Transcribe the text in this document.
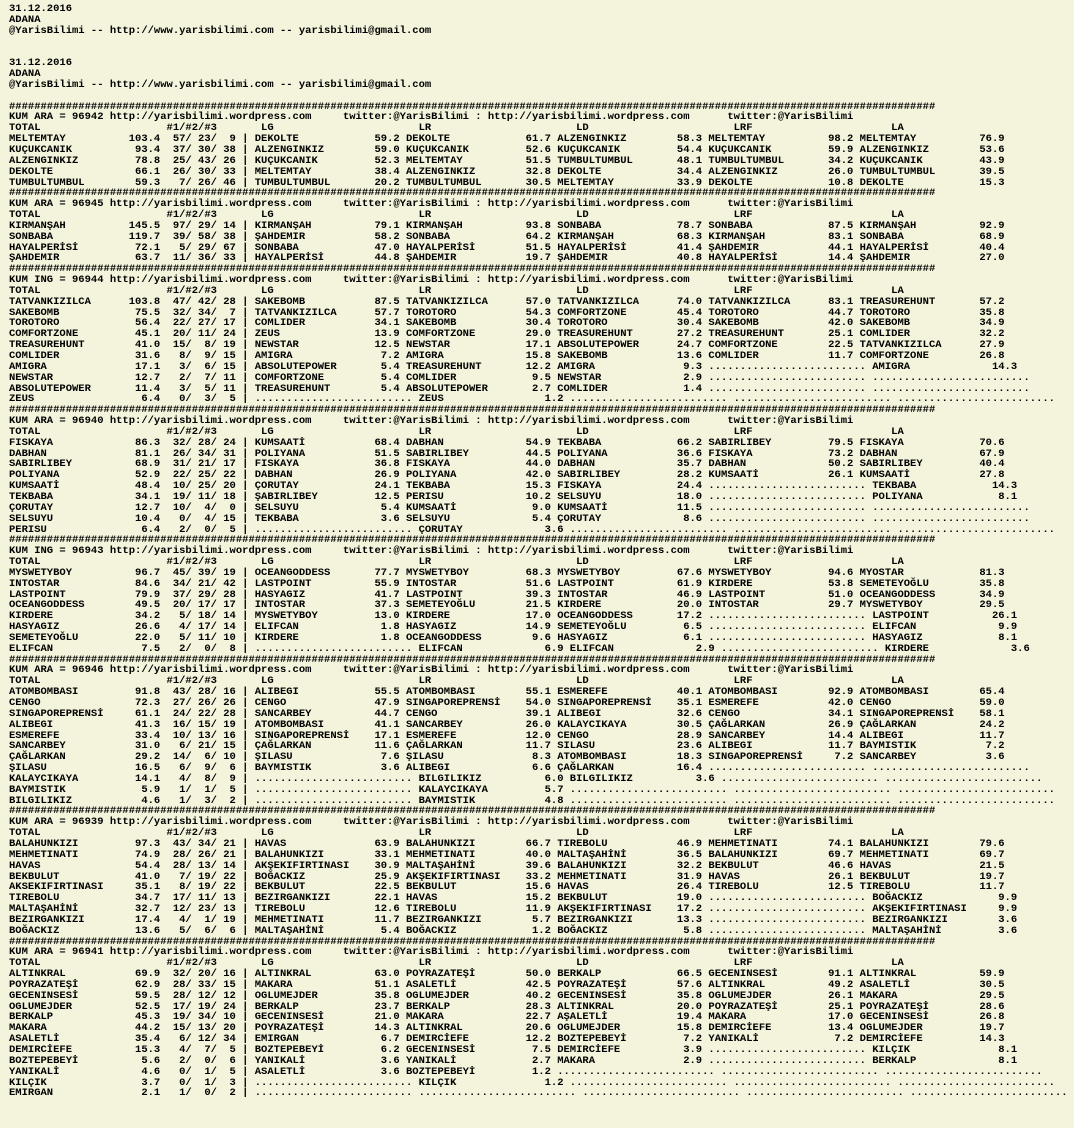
31.12.2016
ADANA
@YarisBilimi -- http://www.yarisbilimi.com -- yarisbilimi@gmail.com
31.12.2016
ADANA
@YarisBilimi -- http://www.yarisbilimi.com -- yarisbilimi@gmail.com
###################################################################################################################################################
KUM ARA = 96942 http://yarisbilimi.wordpress.com     twitter:@YarisBilimi : http://yarisbilimi.wordpress.com      twitter:@YarisBilimi
TOTAL                    #1/#2/#3       LG                       LR                       LD                       LRF                      LA
MELTEMTAY          103.4  57/ 23/  9 | DEKOLTE            59.2 DEKOLTE            61.7 ALZENGINKIZ        58.3 MELTEMTAY          98.2 MELTEMTAY          76.9
KUÇUKCANIK          93.4  37/ 30/ 38 | ALZENGINKIZ        59.0 KUÇUKCANIK         52.6 KUÇUKCANIK         54.4 KUÇUKCANIK         59.9 ALZENGINKIZ        53.6
ALZENGINKIZ         78.8  25/ 43/ 26 | KUÇUKCANIK         52.3 MELTEMTAY          51.5 TUMBULTUMBUL       48.1 TUMBULTUMBUL       34.2 KUÇUKCANIK         43.9
DEKOLTE             66.1  26/ 30/ 33 | MELTEMTAY          38.4 ALZENGINKIZ        32.8 DEKOLTE            34.4 ALZENGINKIZ        26.0 TUMBULTUMBUL       39.5
TUMBULTUMBUL        59.3   7/ 26/ 46 | TUMBULTUMBUL       20.2 TUMBULTUMBUL       30.5 MELTEMTAY          33.9 DEKOLTE            10.8 DEKOLTE            15.3
###################################################################################################################################################
KUM ARA = 96945 http://yarisbilimi.wordpress.com     twitter:@YarisBilimi : http://yarisbilimi.wordpress.com      twitter:@YarisBilimi
TOTAL                    #1/#2/#3       LG                       LR                       LD                       LRF                      LA
KIRMANŞAH          145.5  97/ 29/ 14 | KIRMANŞAH          79.1 KIRMANŞAH          93.8 SONBABA            78.7 SONBABA            87.5 KIRMANŞAH          92.9
SONBABA            119.7  39/ 58/ 38 | ŞAHDEMIR           58.2 SONBABA            64.2 KIRMANŞAH          68.3 KIRMANŞAH          83.1 SONBABA            68.9
HAYALPERİSİ         72.1   5/ 29/ 67 | SONBABA            47.0 HAYALPERİSİ        51.5 HAYALPERİSİ        41.4 ŞAHDEMIR           44.1 HAYALPERİSİ        40.4
ŞAHDEMIR            63.7  11/ 36/ 33 | HAYALPERİSİ        44.8 ŞAHDEMIR           19.7 ŞAHDEMIR           40.8 HAYALPERİSİ        14.4 ŞAHDEMIR           27.0
###################################################################################################################################################
KUM ING = 96944 http://yarisbilimi.wordpress.com     twitter:@YarisBilimi : http://yarisbilimi.wordpress.com      twitter:@YarisBilimi
TOTAL                    #1/#2/#3       LG                       LR                       LD                       LRF                      LA
TATVANKIZILCA      103.8  47/ 42/ 28 | SAKEBOMB           87.5 TATVANKIZILCA      57.0 TATVANKIZILCA      74.0 TATVANKIZILCA      83.1 TREASUREHUNT       57.2
SAKEBOMB            75.5  32/ 34/  7 | TATVANKIZILCA      57.7 TOROTORO           54.3 COMFORTZONE        45.4 TOROTORO           44.7 TOROTORO           35.8
TOROTORO            56.4  22/ 27/ 17 | COMLIDER           34.1 SAKEBOMB           30.4 TOROTORO           30.4 SAKEBOMB           42.0 SAKEBOMB           34.9
COMFORTZONE         45.1  20/ 11/ 24 | ZEUS               13.9 COMFORTZONE        29.0 TREASUREHUNT       27.2 TREASUREHUNT       25.1 COMLIDER           32.2
TREASUREHUNT        41.0  15/  8/ 19 | NEWSTAR            12.5 NEWSTAR            17.1 ABSOLUTEPOWER      24.7 COMFORTZONE        22.5 TATVANKIZILCA      27.9
COMLIDER            31.6   8/  9/ 15 | AMIGRA              7.2 AMIGRA             15.8 SAKEBOMB           13.6 COMLIDER           11.7 COMFORTZONE        26.8
AMIGRA              17.1   3/  6/ 15 | ABSOLUTEPOWER       5.4 TREASUREHUNT       12.2 AMIGRA              9.3 ......................... AMIGRA             14.3
NEWSTAR             12.7   2/  7/ 11 | COMFORTZONE         5.4 COMLIDER            9.5 NEWSTAR             2.9 ......................... .........................
ABSOLUTEPOWER       11.4   3/  5/ 11 | TREASUREHUNT        5.4 ABSOLUTEPOWER       2.7 COMLIDER            1.4 ......................... .........................
ZEUS                 6.4   0/  3/  5 | ......................... ZEUS                1.2 ......................... ......................... .........................
###################################################################################################################################################
KUM ARA = 96940 http://yarisbilimi.wordpress.com     twitter:@YarisBilimi : http://yarisbilimi.wordpress.com      twitter:@YarisBilimi
TOTAL                    #1/#2/#3       LG                       LR                       LD                       LRF                      LA
FISKAYA             86.3  32/ 28/ 24 | KUMSAATİ           68.4 DABHAN             54.9 TEKBABA            66.2 SABIRLIBEY         79.5 FISKAYA            70.6
DABHAN              81.1  26/ 34/ 31 | POLIYANA           51.5 SABIRLIBEY         44.5 POLIYANA           36.6 FISKAYA            73.2 DABHAN             67.9
SABIRLIBEY          68.9  31/ 21/ 17 | FISKAYA            36.8 FISKAYA            44.0 DABHAN             35.7 DABHAN             50.2 SABIRLIBEY         40.4
POLIYANA            52.9  22/ 25/ 22 | DABHAN             26.9 POLIYANA           42.0 SABIRLIBEY         28.2 KUMSAATİ           26.1 KUMSAATİ           27.8
KUMSAATİ            48.4  10/ 25/ 20 | ÇORUTAY            24.1 TEKBABA            15.3 FISKAYA            24.4 ......................... TEKBABA            14.3
TEKBABA             34.1  19/ 11/ 18 | ŞABIRLIBEY         12.5 PERISU             10.2 SELSUYU            18.0 ......................... POLIYANA            8.1
ÇORUTAY             12.7  10/  4/  0 | SELSUYU             5.4 KUMSAATİ            9.0 KUMSAATİ           11.5 ......................... .........................
SELSUYU             10.4   0/  4/ 15 | TEKBABA             3.6 SELSUYU             5.4 ÇORUTAY             8.6 ......................... .........................
PERISU               6.4   2/  0/  5 | ......................... ÇORUTAY             3.6 ......................... ......................... .........................
###################################################################################################################################################
KUM ING = 96943 http://yarisbilimi.wordpress.com     twitter:@YarisBilimi : http://yarisbilimi.wordpress.com      twitter:@YarisBilimi
TOTAL                    #1/#2/#3       LG                       LR                       LD                       LRF                      LA
MYSWETYBOY          96.7  45/ 39/ 19 | OCEANGODDESS       77.7 MYSWETYBOY         68.3 MYSWETYBOY         67.6 MYSWETYBOY         94.6 MYOSTAR            81.3
INTOSTAR            84.6  34/ 21/ 42 | LASTPOINT          55.9 INTOSTAR           51.6 LASTPOINT          61.9 KIRDERE            53.8 SEMETEYOĞLU        35.8
LASTPOINT           79.9  37/ 29/ 28 | HASYAGIZ           41.7 LASTPOINT          39.3 INTOSTAR           46.9 LASTPOINT          51.0 OCEANGODDESS       34.9
OCEANGODDESS        49.5  20/ 17/ 17 | INTOSTAR           37.3 SEMETEYOĞLU        21.5 KIRDERE            20.0 INTOSTAR           29.7 MYSWETYBOY         29.5
KIRDERE             34.2   5/ 18/ 14 | MYSWETYBOY         13.0 KIRDERE            17.0 OCEANGODDESS       17.2 ......................... LASTPOINT          26.1
HASYAGIZ            26.6   4/ 17/ 14 | ELIFCAN             1.8 HASYAGIZ           14.9 SEMETEYOĞLU         6.5 ......................... ELIFCAN             9.9
SEMETEYOĞLU         22.0   5/ 11/ 10 | KIRDERE             1.8 OCEANGODDESS        9.6 HASYAGIZ            6.1 ......................... HASYAGIZ            8.1
ELIFCAN              7.5   2/  0/  8 | ......................... ELIFCAN             6.9 ELIFCAN             2.9 ......................... KIRDERE             3.6
###################################################################################################################################################
KUM ARA = 96946 http://yarisbilimi.wordpress.com     twitter:@YarisBilimi : http://yarisbilimi.wordpress.com      twitter:@YarisBilimi
TOTAL                    #1/#2/#3       LG                       LR                       LD                       LRF                      LA
ATOMBOMBASI         91.8  43/ 28/ 16 | ALIBEGI            55.5 ATOMBOMBASI        55.1 ESMEREFE           40.1 ATOMBOMBASI        92.9 ATOMBOMBASI        65.4
CENGO               72.3  27/ 26/ 26 | CENGO              47.9 SINGAPOREPRENSİ    54.0 SINGAPOREPRENSİ    35.1 ESMEREFE           42.0 CENGO              59.0
SINGAPOREPRENSİ     61.1  24/ 22/ 28 | SANCARBEY          44.7 CENGO              39.1 ALIBEGI            32.6 CENGO              34.1 SINGAPOREPRENSİ    58.1
ALIBEGI             41.3  16/ 15/ 19 | ATOMBOMBASI        41.1 SANCARBEY          26.0 KALAYCIKAYA        30.5 ÇAĞLARKAN          26.9 ÇAĞLARKAN          24.2
ESMEREFE            33.4  10/ 13/ 16 | SINGAPOREPRENSİ    17.1 ESMEREFE           12.0 CENGO              28.9 SANCARBEY          14.4 ALIBEGI            11.7
SANCARBEY           31.0   6/ 21/ 15 | ÇAĞLARKAN          11.6 ÇAĞLARKAN          11.7 SILASU             23.6 ALIBEGI            11.7 BAYMISTIK           7.2
ÇAĞLARKAN           29.2  14/  6/ 10 | ŞILASU              7.6 ŞILASU              8.3 ATOMBOMBASI        18.3 SINGAPOREPRENSİ     7.2 SANCARBEY           3.6
ŞILASU              16.5   6/  9/  6 | BAYMISTIK           3.6 ALIBEGI             6.6 ÇAĞLARKAN          16.4 ......................... .........................
KALAYCIKAYA         14.1   4/  8/  9 | ......................... BILGILIKIZ          6.0 BILGILIKIZ          3.6 ......................... .........................
BAYMISTIK            5.9   1/  1/  5 | ......................... KALAYCIKAYA         5.7 ......................... ......................... .........................
BILGILIKIZ           4.6   1/  3/  2 | ......................... BAYMISTIK           4.8 ......................... ......................... .........................
###################################################################################################################################################
KUM ARA = 96939 http://yarisbilimi.wordpress.com     twitter:@YarisBilimi : http://yarisbilimi.wordpress.com      twitter:@YarisBilimi
TOTAL                    #1/#2/#3       LG                       LR                       LD                       LRF                      LA
BALAHUNKIZI         97.3  43/ 34/ 21 | HAVAS              63.9 BALAHUNKIZI        66.7 TIREBOLU           46.9 MEHMETINATI        74.1 BALAHUNKIZI        79.6
MEHMETINATI         74.9  28/ 26/ 21 | BALAHUNKIZI        33.1 MEHMETINATI        40.0 MALTAŞAHİNİ        36.5 BALAHUNKIZI        69.7 MEHMETINATI        69.7
HAVAS               54.4  28/ 13/ 14 | AKŞEKIFIRTINASI    30.9 MALTAŞAHİNİ        39.6 BALAHUNKIZI        32.2 BEKBULUT           46.6 HAVAS              21.5
BEKBULUT            41.0   7/ 19/ 22 | BOĞACKIZ           25.9 AKŞEKIFIRTINASI    33.2 MEHMETINATI        31.9 HAVAS              26.1 BEKBULUT           19.7
AKSEKIFIRTINASI     35.1   8/ 19/ 22 | BEKBULUT           22.5 BEKBULUT           15.6 HAVAS              26.4 TIREBOLU           12.5 TIREBOLU           11.7
TIREBOLU            34.7  17/ 11/ 13 | BEZIRGANKIZI       22.1 HAVAS              15.2 BEKBULUT           19.0 ......................... BOĞACKIZ            9.9
MALTAŞAHİNİ         32.7  12/ 23/ 13 | TIREBOLU           12.6 TIREBOLU           11.9 AKŞEKIFIRTINASI    17.2 ......................... AKŞEKIFIRTINASI     9.9
BEZIRGANKIZI        17.4   4/  1/ 19 | MEHMETINATI        11.7 BEZIRGANKIZI        5.7 BEZIRGANKIZI       13.3 ......................... BEZIRGANKIZI        3.6
BOĞACKIZ            13.6   5/  6/  6 | MALTAŞAHİNİ         5.4 BOĞACKIZ            1.2 BOĞACKIZ            5.8 ......................... MALTAŞAHİNİ         3.6
###################################################################################################################################################
KUM ARA = 96941 http://yarisbilimi.wordpress.com     twitter:@YarisBilimi : http://yarisbilimi.wordpress.com      twitter:@YarisBilimi
TOTAL                    #1/#2/#3       LG                       LR                       LD                       LRF                      LA
ALTINKRAL           69.9  32/ 20/ 16 | ALTINKRAL          63.0 POYRAZATEŞİ        50.0 BERKALP            66.5 GECENINSESİ        91.1 ALTINKRAL          59.9
POYRAZATEŞİ         62.9  28/ 33/ 15 | MAKARA             51.1 ASALETLİ           42.5 POYRAZATEŞİ        57.6 ALTINKRAL          49.2 ASALETLİ           30.5
GECENINSESİ         59.5  28/ 12/ 12 | OGLUMEJDER         35.8 OGLUMEJDER         40.2 GECENINSESİ        35.8 OGLUMEJDER         26.1 MAKARA             29.5
OGLUMEJDER          52.5  17/ 19/ 24 | BERKALP            23.7 BERKALP            28.3 ALTINKRAL          20.0 POYRAZATEŞİ        25.1 POYRAZATEŞİ        28.6
BERKALP             45.3  19/ 34/ 10 | GECENINSESİ        21.0 MAKARA             22.7 AŞALETLİ           19.4 MAKARA             17.0 GECENINSESİ        26.8
MAKARA              44.2  15/ 13/ 20 | POYRAZATEŞİ        14.3 ALTINKRAL          20.6 OGLUMEJDER         15.8 DEMIRCİEFE         13.4 OGLUMEJDER         19.7
ASALETLİ            35.4   6/ 12/ 34 | EMIRGAN             6.7 DEMIRCİEFE         12.2 BOZTEPEBEYİ         7.2 YANIKALİ            7.2 DEMIRCİEFE         14.3
DEMIRCİEFE          15.3   4/  7/  5 | BOZTEPEBEYİ         6.2 GECENINSESİ         7.5 DEMIRCİEFE          3.9 ......................... KILÇIK              8.1
BOZTEPEBEYİ          5.6   2/  0/  6 | YANIKALİ            3.6 YANIKALİ            2.7 MAKARA              2.9 ......................... BERKALP             8.1
YANIKALİ             4.6   0/  1/  5 | ASALETLİ            3.6 BOZTEPEBEYİ         1.2 ......................... ......................... .........................
KILÇIK               3.7   0/  1/  3 | ......................... KILÇIK              1.2 ......................... ......................... .........................
EMIRGAN              2.1   1/  0/  2 | ......................... ......................... ......................... ......................... .........................
